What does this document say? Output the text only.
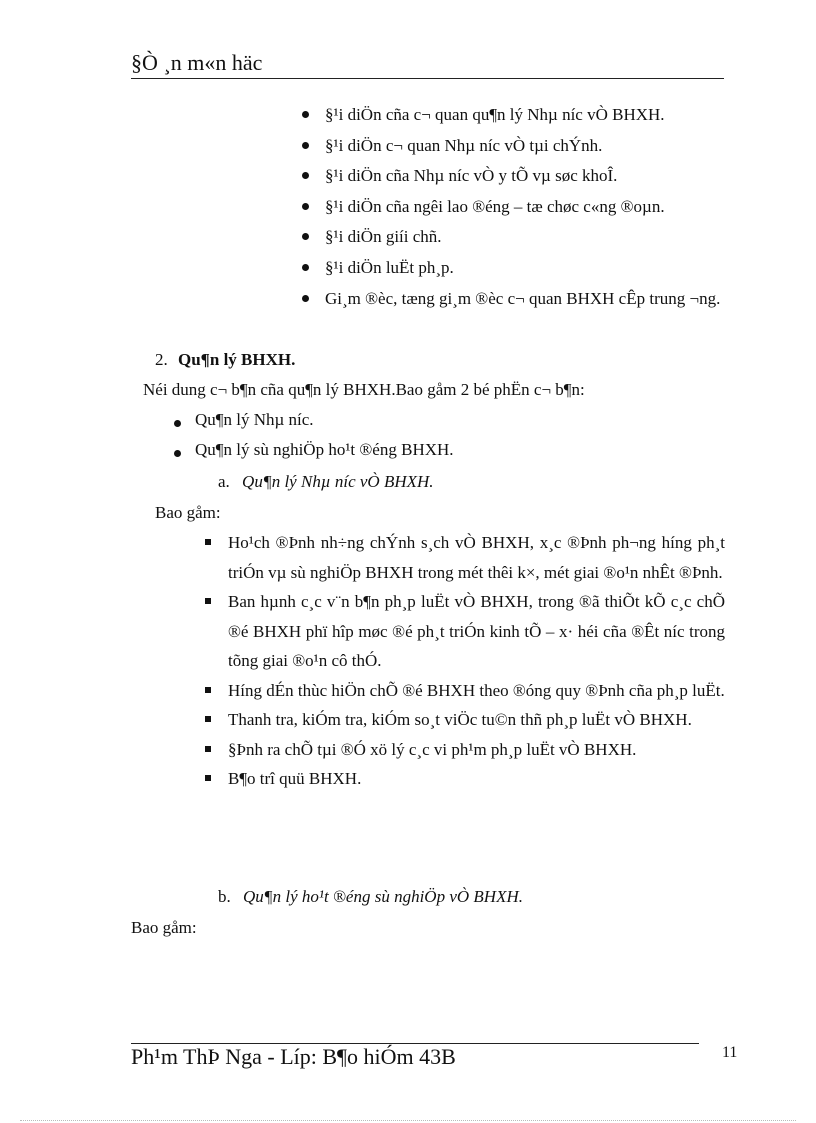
§Ò ¸n m«n häc
§¹i diÖn cña c¬ quan qu¶n lý Nhµ níc vÒ BHXH.
§¹i diÖn c¬ quan Nhµ níc vÒ tµi chÝnh.
§¹i diÖn cña Nhµ níc vÒ y tÕ vµ søc khoÎ.
§¹i diÖn cña ngêi lao ®éng – tæ chøc c«ng ®oµn.
§¹i diÖn giíi chñ.
§¹i diÖn luËt ph¸p.
Gi¸m ®èc, tæng gi¸m ®èc c¬ quan BHXH cÊp trung ¬ng.
2. Qu¶n lý BHXH.
Néi dung c¬ b¶n cña qu¶n lý BHXH.Bao gåm 2 bé phËn c¬ b¶n:
Qu¶n lý Nhµ níc.
Qu¶n lý sù nghiÖp ho¹t ®éng BHXH.
a. Qu¶n lý Nhµ níc vÒ BHXH.
Bao gåm:
Ho¹ch ®Þnh nh÷ng chÝnh s¸ch vÒ BHXH, x¸c ®Þnh ph¬ng híng ph¸t triÓn vµ sù nghiÖp BHXH trong mét thêi k×, mét giai ®o¹n nhÊt ®Þnh.
Ban hµnh c¸c v¨n b¶n ph¸p luËt vÒ BHXH, trong ®ã thiÕt kÕ c¸c chÕ ®é BHXH phï hîp møc ®é ph¸t triÓn kinh tÕ – x· héi cña ®Êt níc trong tõng giai ®o¹n cô thÓ.
Híng dÉn thùc hiÖn chÕ ®é BHXH theo ®óng quy ®Þnh cña ph¸p luËt.
Thanh tra, kiÓm tra, kiÓm so¸t viÖc tu©n thñ ph¸p luËt vÒ BHXH.
§Þnh ra chÕ tµi ®Ó xö lý c¸c vi ph¹m ph¸p luËt vÒ BHXH.
B¶o trî quü BHXH.
b. Qu¶n lý ho¹t ®éng sù nghiÖp vÒ BHXH.
Bao gåm:
Ph¹m ThÞ Nga - Líp: B¶o hiÓm 43B	11
